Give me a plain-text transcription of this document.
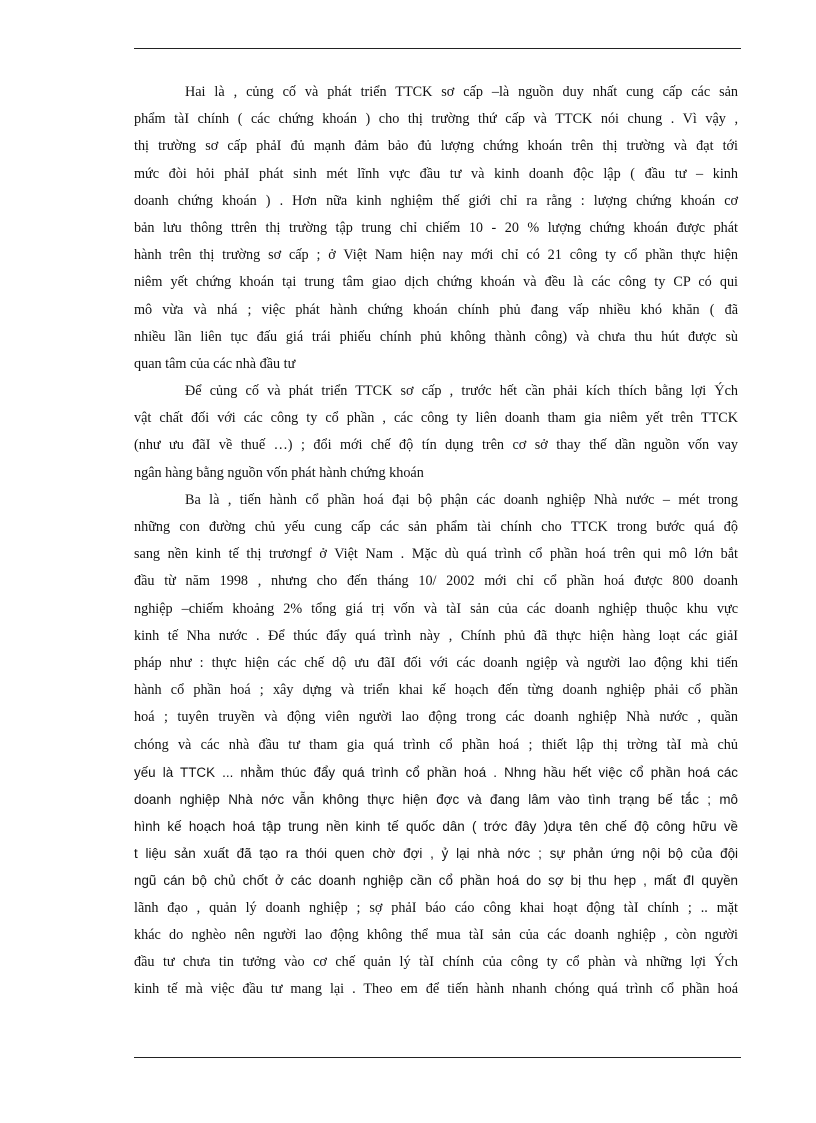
Hai là , củng cố và phát triển TTCK sơ cấp –là nguồn duy nhất cung cấp các sản
phẩm tàI chính ( các chứng khoán ) cho thị trường thứ cấp và TTCK nói chung . Vì vậy ,
thị trường sơ cấp phảI đủ mạnh đảm bảo đủ lượng chứng khoán trên thị trường và đạt tới
mức đòi hỏi phảI phát sinh mét lĩnh vực đầu tư và kinh doanh độc lập ( đầu tư – kinh
doanh chứng khoán ) . Hơn nữa kinh nghiệm thế giới chỉ ra rằng : lượng chứng khoán cơ
bản lưu thông ttrên thị trường tập trung chỉ chiếm 10 - 20 % lượng chứng khoán được phát
hành trên thị trường sơ cấp ; ở Việt Nam hiện nay mới chỉ có 21 công ty cổ phần thực hiện
niêm yết chứng khoán tại trung tâm giao dịch chứng khoán và đều là các công ty CP có qui
mô vừa và nhá ; việc phát hành chứng khoán chính phủ đang vấp nhiều khó khăn ( đã
nhiều lần liên tục đấu giá trái phiếu chính phủ không thành công) và chưa thu hút được sù
quan tâm của các nhà đầu tư
Để củng cố và phát triển TTCK sơ cấp , trước hết cần phải kích thích bằng lợi Ých
vật chất đối với các công ty cổ phần , các công ty liên doanh tham gia niêm yết trên TTCK
(như ưu đãI về thuế …) ; đổi mới chế độ tín dụng trên cơ sở thay thế dần nguồn vốn vay
ngân hàng bằng nguồn vốn phát hành chứng khoán
Ba là , tiến hành cổ phần hoá đại bộ phận các doanh nghiệp Nhà nước – mét trong
những con đường chủ yếu cung cấp các sản phẩm tài chính cho TTCK trong bước quá độ
sang nền kinh tế thị trươngf ở Việt Nam . Mặc dù quá trình cổ phần hoá trên qui mô lớn bắt
đầu từ năm 1998 , nhưng cho đến tháng 10/ 2002 mới chỉ cổ phần hoá được 800 doanh
nghiệp –chiếm khoảng 2% tổng giá trị vốn và tàI sản của các doanh nghiệp thuộc khu vực
kinh tế Nha nước . Để thúc đẩy quá trình này , Chính phủ đã thực hiện hàng loạt các giảI
pháp như : thực hiện các chế dộ ưu đãI đối với các doanh ngiệp và người lao động khi tiến
hành cổ phần hoá ; xây dựng và triển khai kế hoạch đến từng doanh nghiệp phải cổ phần
hoá ; tuyên truyền và động viên người lao động trong các doanh nghiệp Nhà nước , quần
chóng và các nhà đầu tư tham gia quá trình cổ phần hoá ; thiết lập thị trờng tàI mà chủ
yếu là TTCK ... nhằm thúc đẩy quá trình cổ phần hoá . Nhng hầu hết việc cổ phần hoá các
doanh nghiệp Nhà nớc vẫn không thực hiện đợc và đang lâm vào tình trạng bế tắc ; mô
hình kế hoạch hoá tập trung nền kinh tế quốc dân ( trớc đây )dựa tên chế độ công hữu về
t liệu sản xuất đã tạo ra thói quen chờ đợi , ỷ lại nhà nớc ; sự phản ứng nội bộ của đội
ngũ cán bộ chủ chốt ở các doanh nghiệp cần cổ phần hoá do sợ bị thu hẹp , mất đI quyền
lãnh đạo , quản lý doanh nghiệp ; sợ phảI báo cáo công khai hoạt động tàI chính ; .. mặt
khác do nghèo nên người lao động không thể mua tàI sản của các doanh nghiệp , còn người
đầu tư chưa tin tưởng vào cơ chế quản lý tàI chính của công ty cổ phàn và những lợi Ých
kinh tế mà việc đầu tư mang lại . Theo em để tiến hành nhanh chóng quá trình cổ phần hoá
